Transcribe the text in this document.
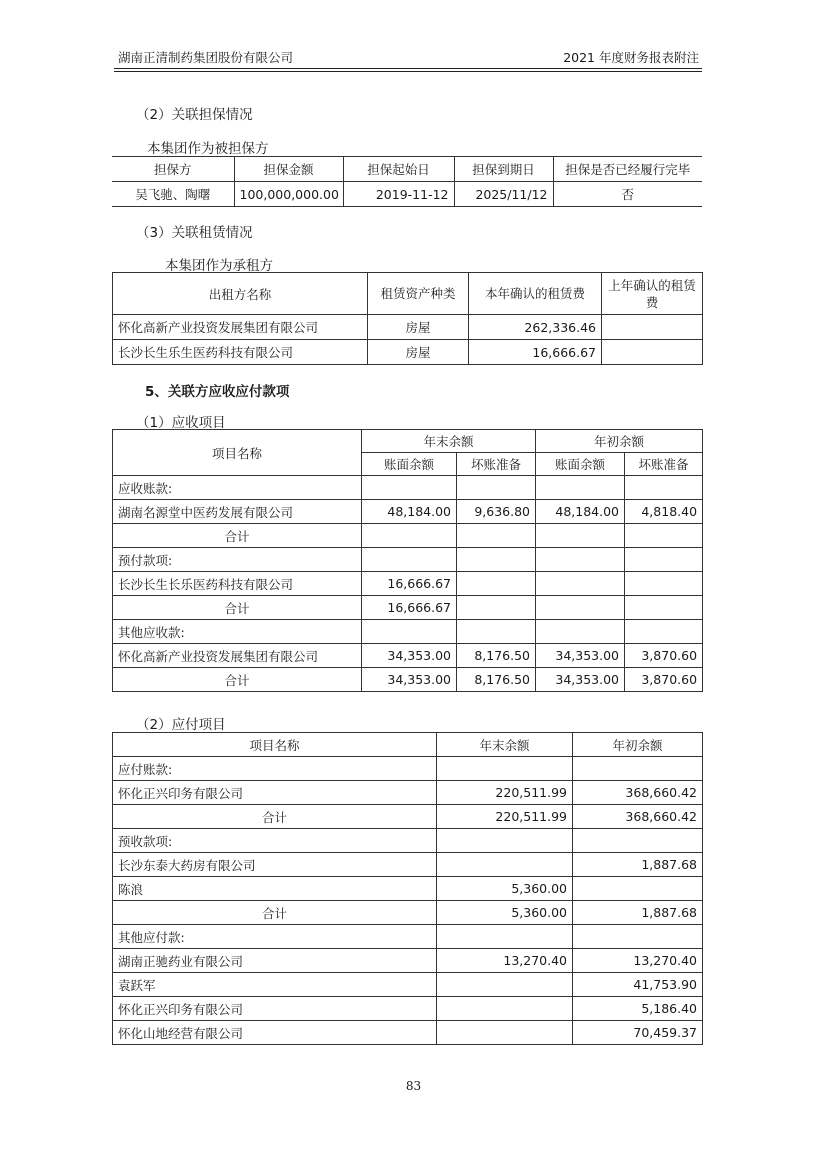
湖南正清制药集团股份有限公司	2021 年度财务报表附注
（2）关联担保情况
本集团作为被担保方
担保方	担保金额	担保起始日	担保到期日	担保是否已经履行完毕
吴飞驰、陶曙	100,000,000.00	2019-11-12	2025/11/12	否
（3）关联租赁情况
本集团作为承租方
出租方名称	租赁资产种类	本年确认的租赁费	上年确认的租赁费
怀化高新产业投资发展集团有限公司	房屋	262,336.46	
长沙长生乐生医药科技有限公司	房屋	16,666.67	
5、关联方应收应付款项
（1）应收项目
项目名称	年末余额		年初余额	
	账面余额	坏账准备	账面余额	坏账准备
应收账款:				
湖南名源堂中医药发展有限公司	48,184.00	9,636.80	48,184.00	4,818.40
合计				
预付款项:				
长沙长生长乐医药科技有限公司	16,666.67			
合计	16,666.67			
其他应收款:				
怀化高新产业投资发展集团有限公司	34,353.00	8,176.50	34,353.00	3,870.60
合计	34,353.00	8,176.50	34,353.00	3,870.60
（2）应付项目
项目名称	年末余额	年初余额
应付账款:		
怀化正兴印务有限公司	220,511.99	368,660.42
合计	220,511.99	368,660.42
预收款项:		
长沙东泰大药房有限公司		1,887.68
陈浪	5,360.00	
合计	5,360.00	1,887.68
其他应付款:		
湖南正驰药业有限公司	13,270.40	13,270.40
袁跃军		41,753.90
怀化正兴印务有限公司		5,186.40
怀化山地经营有限公司		70,459.37
83
